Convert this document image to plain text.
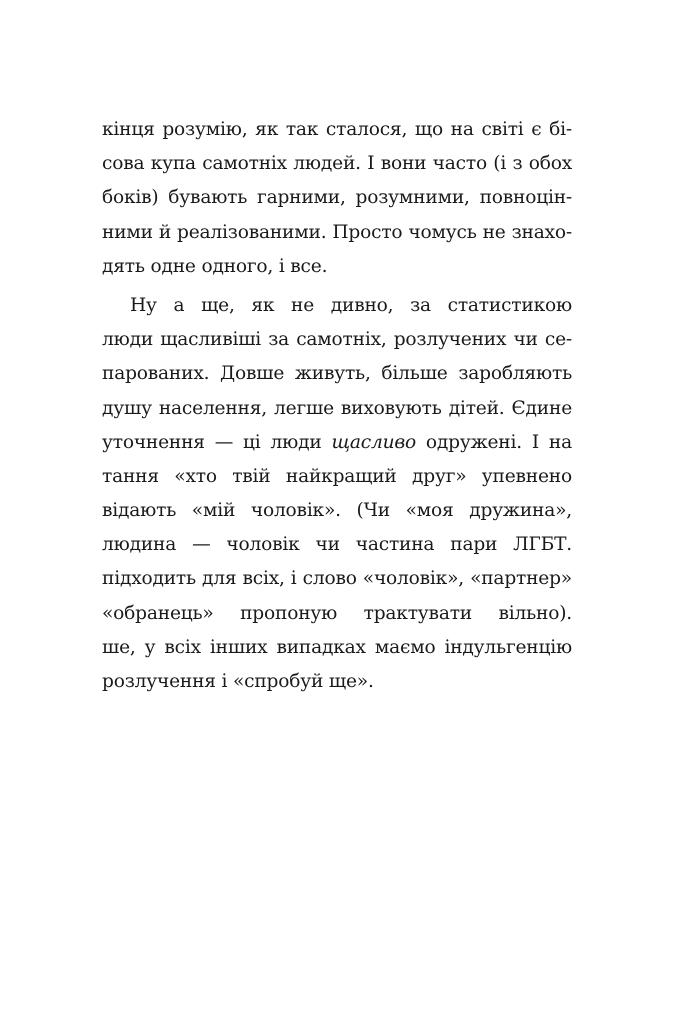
кінця розумію, як так сталося, що на світі є бі-
сова купа самотніх людей. І вони часто (і з обох
боків) бувають гарними, розумними, повноцін-
ними й реалізованими. Просто чомусь не знахо-
дять одне одного, і все.
Ну а ще, як не дивно, за статистикою
люди щасливіші за самотніх, розлучених чи се-
парованих. Довше живуть, більше заробляють
душу населення, легше виховують дітей. Єдине
уточнення — ці люди щасливо одружені. І на
тання «хто твій найкращий друг» упевнено
відають «мій чоловік». (Чи «моя дружина»,
людина — чоловік чи частина пари ЛГБТ.
підходить для всіх, і слово «чоловік», «партнер»
«обранець» пропоную трактувати вільно).
ше, у всіх інших випадках маємо індульгенцію
розлучення і «спробуй ще».
